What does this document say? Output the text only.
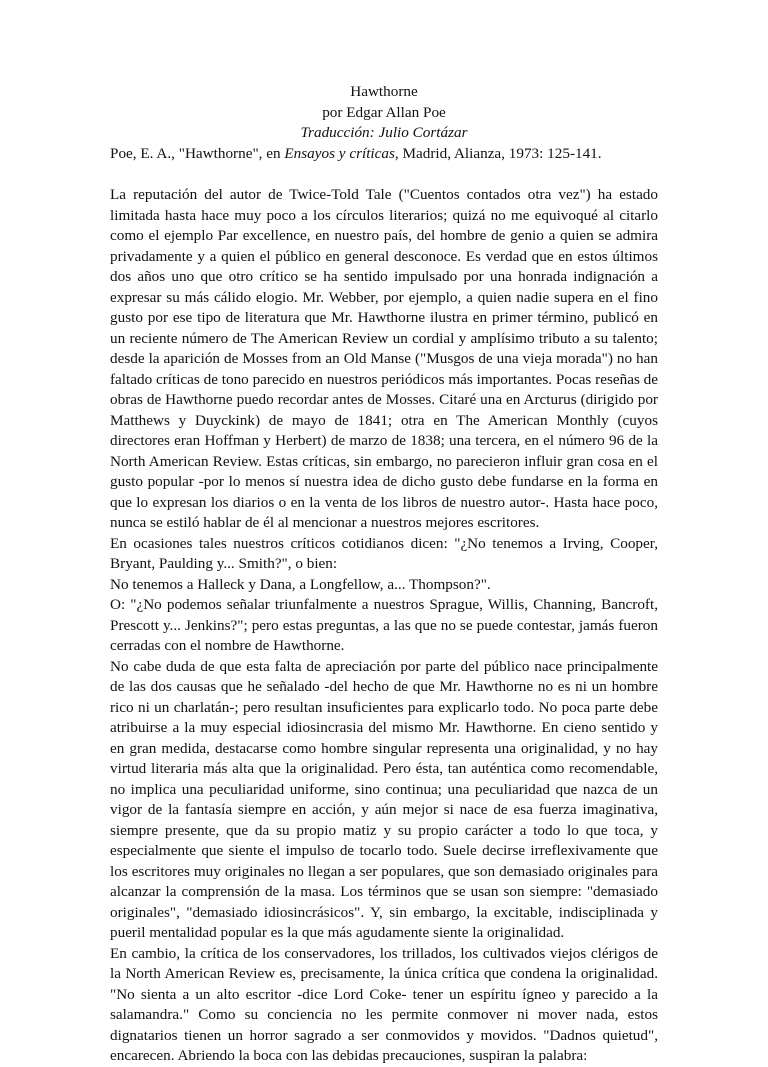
Hawthorne
por Edgar Allan Poe
Traducción: Julio Cortázar
Poe, E. A., "Hawthorne", en Ensayos y críticas, Madrid, Alianza, 1973: 125-141.

La reputación del autor de Twice-Told Tale ("Cuentos contados otra vez") ha estado limitada hasta hace muy poco a los círculos literarios; quizá no me equivoqué al citarlo como el ejemplo Par excellence, en nuestro país, del hombre de genio a quien se admira privadamente y a quien el público en general desconoce. Es verdad que en estos últimos dos años uno que otro crítico se ha sentido impulsado por una honrada indignación a expresar su más cálido elogio. Mr. Webber, por ejemplo, a quien nadie supera en el fino gusto por ese tipo de literatura que Mr. Hawthorne ilustra en primer término, publicó en un reciente número de The American Review un cordial y amplísimo tributo a su talento; desde la aparición de Mosses from an Old Manse ("Musgos de una vieja morada") no han faltado críticas de tono parecido en nuestros periódicos más importantes. Pocas reseñas de obras de Hawthorne puedo recordar antes de Mosses. Citaré una en Arcturus (dirigido por Matthews y Duyckink) de mayo de 1841; otra en The American Monthly (cuyos directores eran Hoffman y Herbert) de marzo de 1838; una tercera, en el número 96 de la North American Review. Estas críticas, sin embargo, no parecieron influir gran cosa en el gusto popular -por lo menos sí nuestra idea de dicho gusto debe fundarse en la forma en que lo expresan los diarios o en la venta de los libros de nuestro autor-. Hasta hace poco, nunca se estiló hablar de él al mencionar a nuestros mejores escritores.

En ocasiones tales nuestros críticos cotidianos dicen: "¿No tenemos a Irving, Cooper, Bryant, Paulding y... Smith?", o bien:

No tenemos a Halleck y Dana, a Longfellow, a... Thompson?".

O: "¿No podemos señalar triunfalmente a nuestros Sprague, Willis, Channing, Bancroft, Prescott y... Jenkins?"; pero estas preguntas, a las que no se puede contestar, jamás fueron cerradas con el nombre de Hawthorne.

No cabe duda de que esta falta de apreciación por parte del público nace principalmente de las dos causas que he señalado -del hecho de que Mr. Hawthorne no es ni un hombre rico ni un charlatán-; pero resultan insuficientes para explicarlo todo. No poca parte debe atribuirse a la muy especial idiosincrasia del mismo Mr. Hawthorne. En cieno sentido y en gran medida, destacarse como hombre singular representa una originalidad, y no hay virtud literaria más alta que la originalidad. Pero ésta, tan auténtica como recomendable, no implica una peculiaridad uniforme, sino continua; una peculiaridad que nazca de un vigor de la fantasía siempre en acción, y aún mejor si nace de esa fuerza imaginativa, siempre presente, que da su propio matiz y su propio carácter a todo lo que toca, y especialmente que siente el impulso de tocarlo todo. Suele decirse irreflexivamente que los escritores muy originales no llegan a ser populares, que son demasiado originales para alcanzar la comprensión de la masa. Los términos que se usan son siempre: "demasiado originales", "demasiado idiosincrásicos". Y, sin embargo, la excitable, indisciplinada y pueril mentalidad popular es la que más agudamente siente la originalidad.

En cambio, la crítica de los conservadores, los trillados, los cultivados viejos clérigos de la North American Review es, precisamente, la única crítica que condena la originalidad. "No sienta a un alto escritor -dice Lord Coke- tener un espíritu ígneo y parecido a la salamandra." Como su conciencia no les permite conmover ni mover nada, estos dignatarios tienen un horror sagrado a ser conmovidos y movidos. "Dadnos quietud", encarecen. Abriendo la boca con las debidas precauciones, suspiran la palabra:
